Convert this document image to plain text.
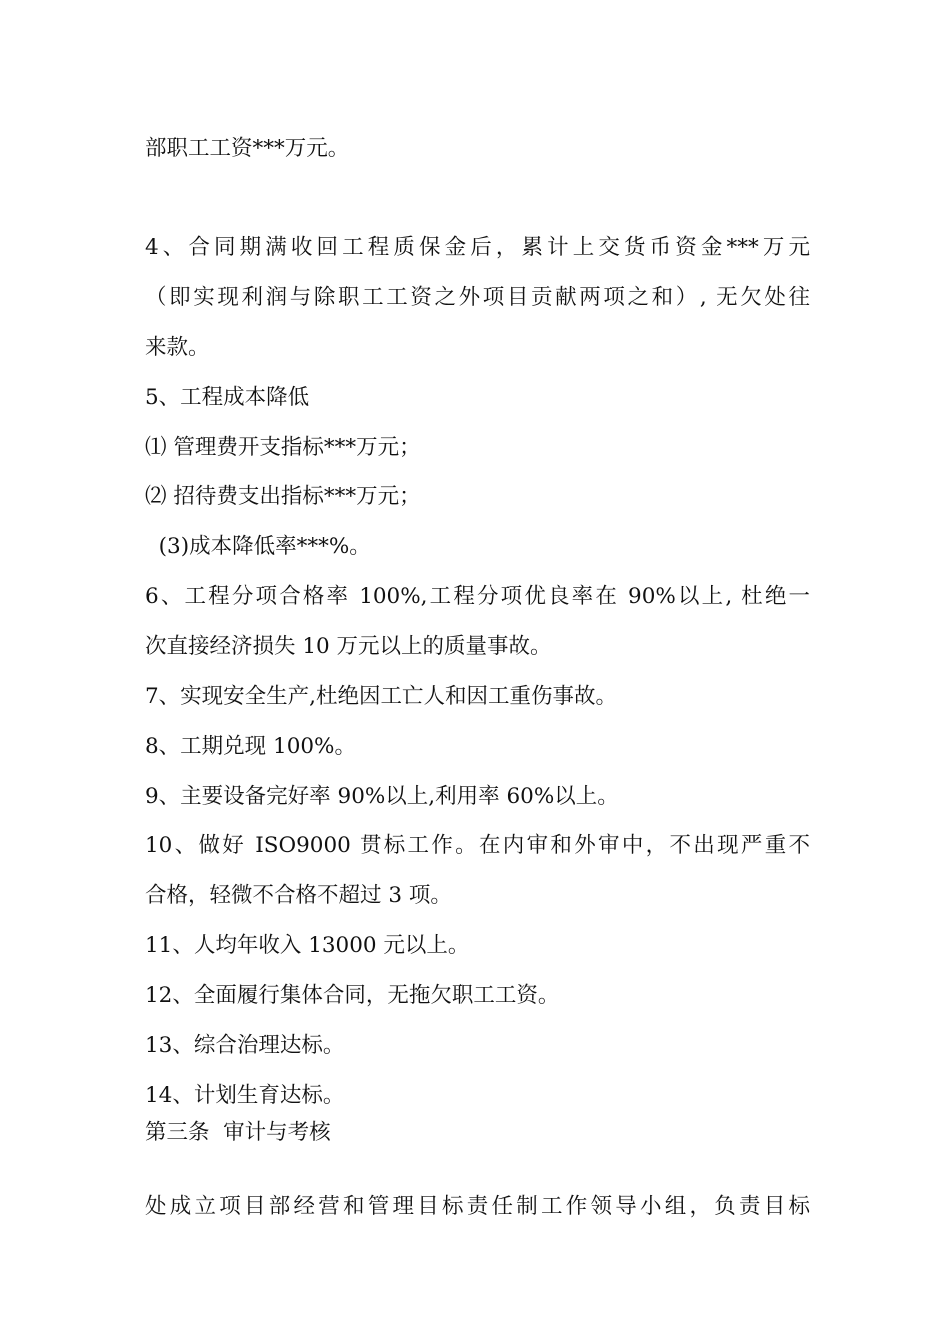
部职工工资***万元。
4、合同期满收回工程质保金后，累计上交货币资金***万元
（即实现利润与除职工工资之外项目贡献两项之和）, 无欠处往
来款。
5、工程成本降低
⑴ 管理费开支指标***万元；
⑵ 招待费支出指标***万元；
(3)成本降低率***%。
6、工程分项合格率 100%,工程分项优良率在 90%以上, 杜绝一
次直接经济损失 10 万元以上的质量事故。
7、实现安全生产,杜绝因工亡人和因工重伤事故。
8、工期兑现 100%。
9、主要设备完好率 90%以上,利用率 60%以上。
10、做好 ISO9000 贯标工作。在内审和外审中，不出现严重不
合格，轻微不合格不超过 3 项。
11、人均年收入 13000 元以上。
12、全面履行集体合同，无拖欠职工工资。
13、综合治理达标。
14、计划生育达标。
第三条  审计与考核
处成立项目部经营和管理目标责任制工作领导小组，负责目标
